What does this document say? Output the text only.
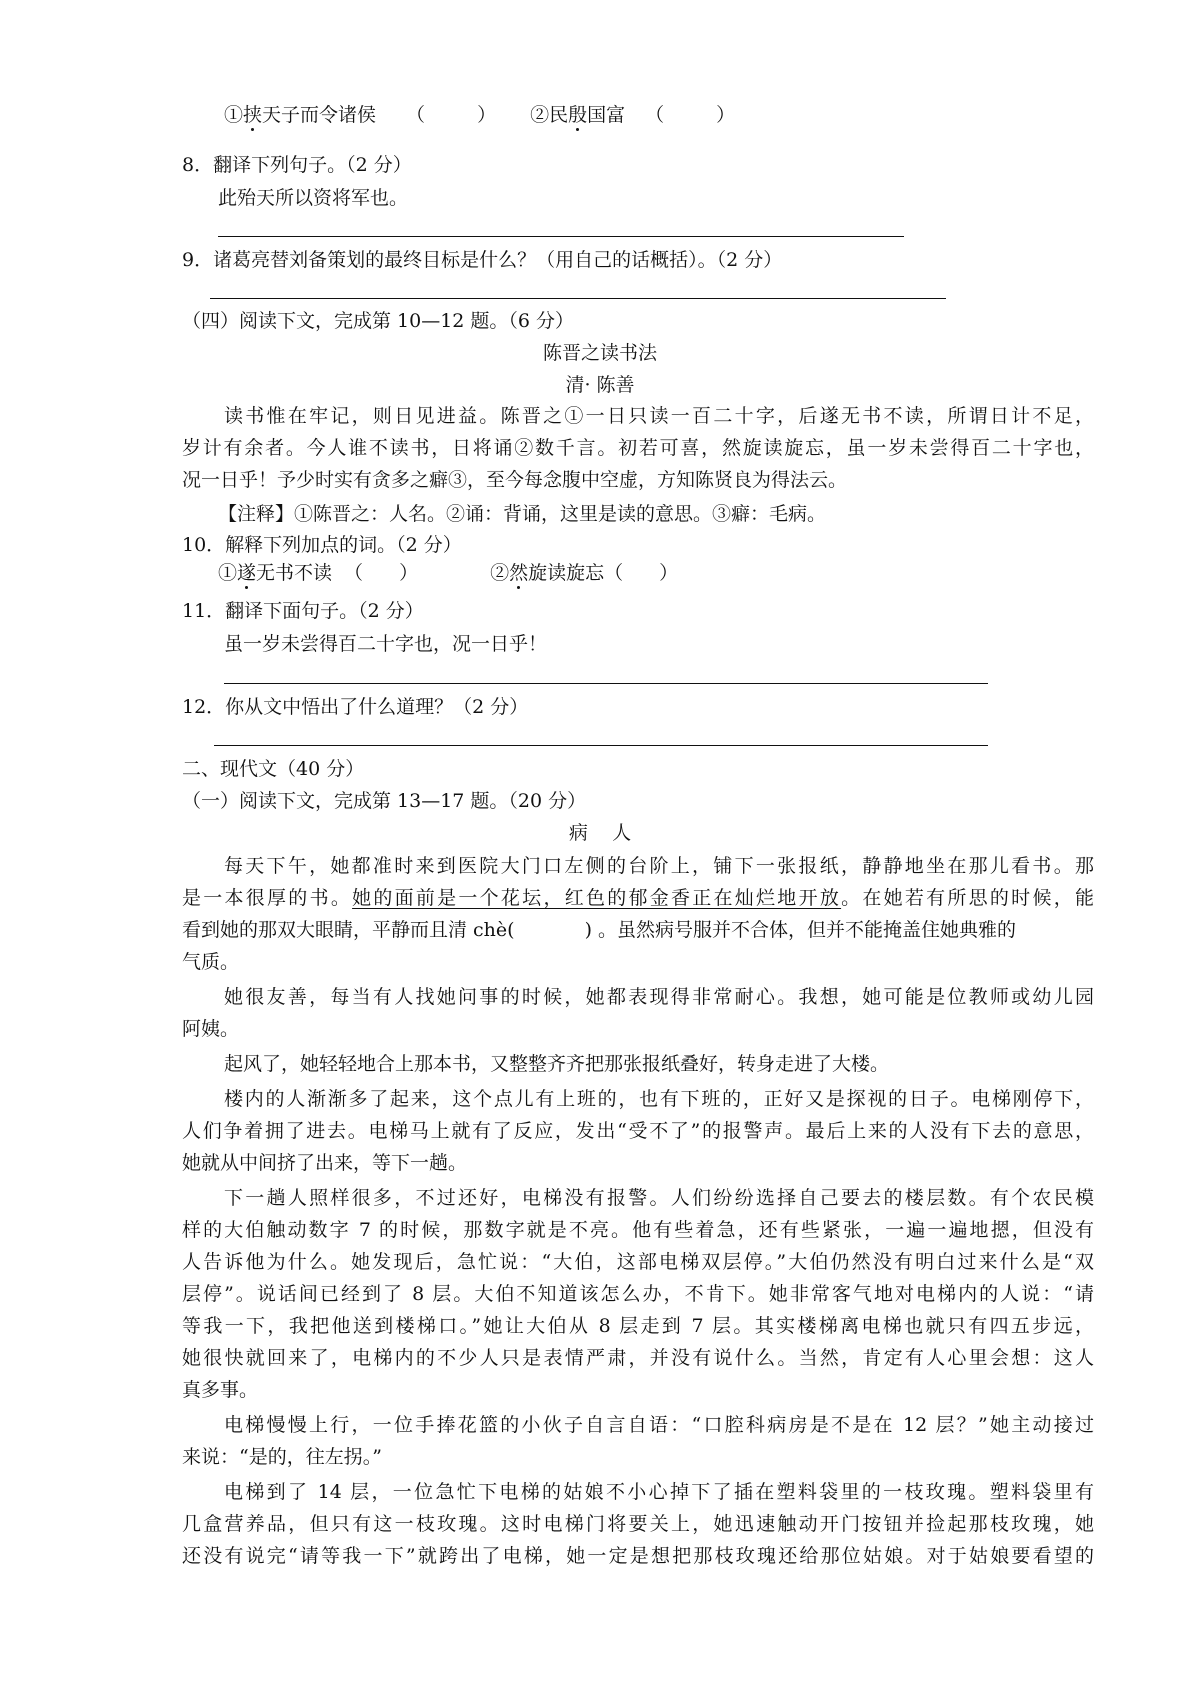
①挟天子而令诸侯 （	） ②民殷国富 （	）
8．翻译下列句子。（2 分）
此殆天所以资将军也。
9．诸葛亮替刘备策划的最终目标是什么？（用自己的话概括）。（2 分）
（四）阅读下文，完成第 10—12 题。（6 分）
陈晋之读书法
清· 陈善
读书惟在牢记，则日见进益。陈晋之①一日只读一百二十字，后遂无书不读，所谓日计不足，
岁计有余者。今人谁不读书，日将诵②数千言。初若可喜，然旋读旋忘，虽一岁未尝得百二十字也，
况一日乎！予少时实有贪多之癖③，至今每念腹中空虚，方知陈贤良为得法云。
【注释】①陈晋之：人名。②诵：背诵，这里是读的意思。③癖：毛病。
10．解释下列加点的词。（2 分）
①遂无书不读 （ ）	②然旋读旋忘（ ）
11．翻译下面句子。（2 分）
虽一岁未尝得百二十字也，况一日乎！
12．你从文中悟出了什么道理？（2 分）
二、现代文（40 分）
（一）阅读下文，完成第 13—17 题。（20 分）
病    人
每天下午，她都准时来到医院大门口左侧的台阶上，铺下一张报纸，静静地坐在那儿看书。那
是一本很厚的书。她的面前是一个花坛，红色的郁金香正在灿烂地开放。在她若有所思的时候，能
看到她的那双大眼睛，平静而且清 chè(	) 。虽然病号服并不合体，但并不能掩盖住她典雅的
气质。
她很友善，每当有人找她问事的时候，她都表现得非常耐心。我想，她可能是位教师或幼儿园
阿姨。
起风了，她轻轻地合上那本书，又整整齐齐把那张报纸叠好，转身走进了大楼。
楼内的人渐渐多了起来，这个点儿有上班的，也有下班的，正好又是探视的日子。电梯刚停下，
人们争着拥了进去。电梯马上就有了反应，发出“受不了”的报警声。最后上来的人没有下去的意思，
她就从中间挤了出来，等下一趟。
下一趟人照样很多，不过还好，电梯没有报警。人们纷纷选择自己要去的楼层数。有个农民模
样的大伯触动数字 7 的时候，那数字就是不亮。他有些着急，还有些紧张，一遍一遍地摁，但没有
人告诉他为什么。她发现后，急忙说：“大伯，这部电梯双层停。”大伯仍然没有明白过来什么是“双
层停”。说话间已经到了 8 层。大伯不知道该怎么办，不肯下。她非常客气地对电梯内的人说：“请
等我一下，我把他送到楼梯口。”她让大伯从 8 层走到 7 层。其实楼梯离电梯也就只有四五步远，
她很快就回来了，电梯内的不少人只是表情严肃，并没有说什么。当然，肯定有人心里会想：这人
真多事。
电梯慢慢上行，一位手捧花篮的小伙子自言自语：“口腔科病房是不是在 12 层？”她主动接过
来说：“是的，往左拐。”
电梯到了 14 层，一位急忙下电梯的姑娘不小心掉下了插在塑料袋里的一枝玫瑰。塑料袋里有
几盒营养品，但只有这一枝玫瑰。这时电梯门将要关上，她迅速触动开门按钮并捡起那枝玫瑰，她
还没有说完“请等我一下”就跨出了电梯，她一定是想把那枝玫瑰还给那位姑娘。对于姑娘要看望的
